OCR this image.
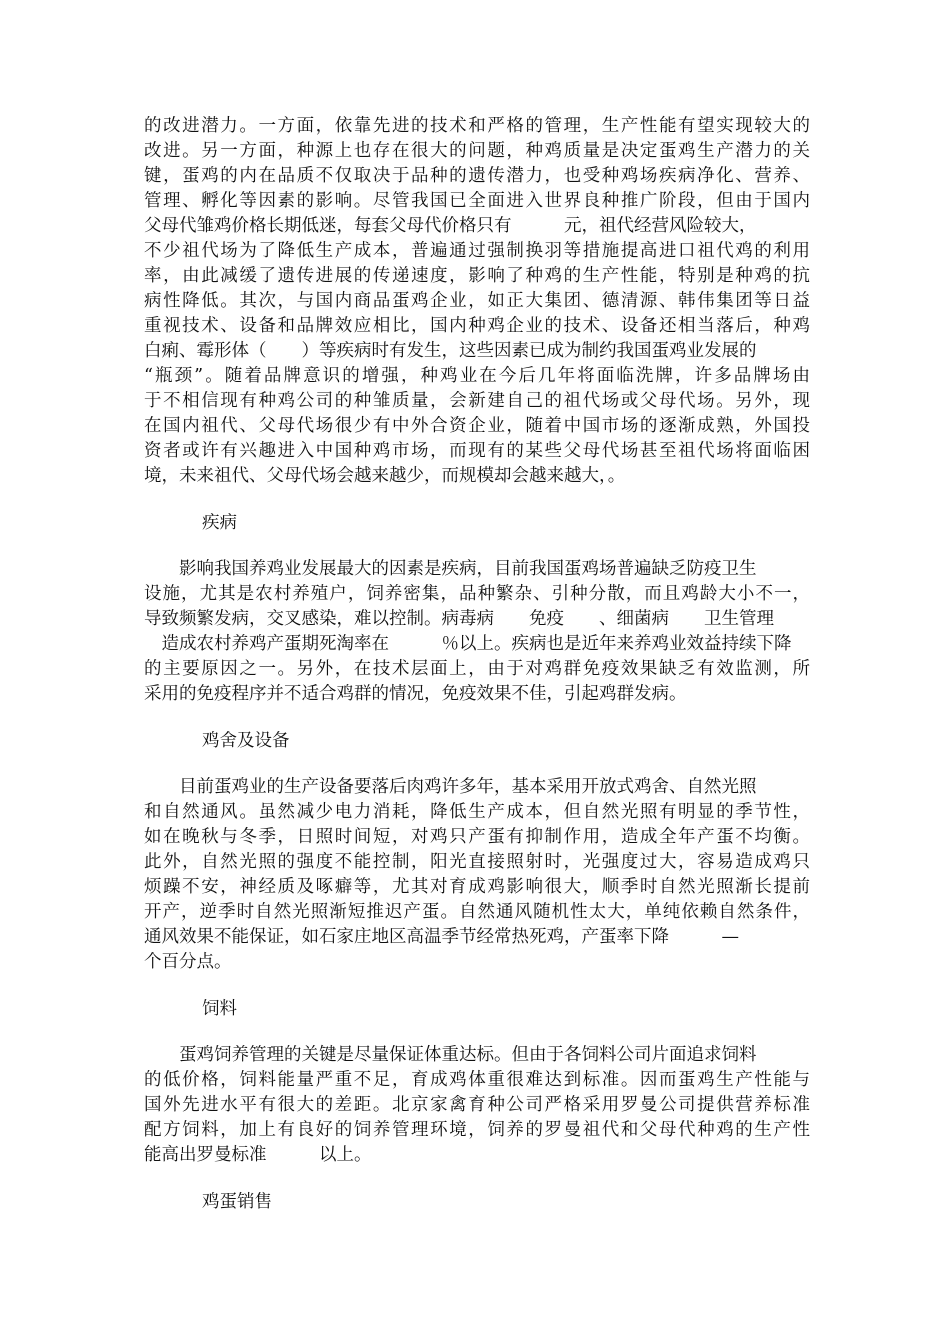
的改进潜力。一方面，依靠先进的技术和严格的管理，生产性能有望实现较大的
改进。另一方面，种源上也存在很大的问题，种鸡质量是决定蛋鸡生产潜力的关
键，蛋鸡的内在品质不仅取决于品种的遗传潜力，也受种鸡场疾病净化、营养、
管理、孵化等因素的影响。尽管我国已全面进入世界良种推广阶段，但由于国内
父母代雏鸡价格长期低迷，每套父母代价格只有　　　元，祖代经营风险较大，
不少祖代场为了降低生产成本，普遍通过强制换羽等措施提高进口祖代鸡的利用
率，由此减缓了遗传进展的传递速度，影响了种鸡的生产性能，特别是种鸡的抗
病性降低。其次，与国内商品蛋鸡企业，如正大集团、德清源、韩伟集团等日益
重视技术、设备和品牌效应相比，国内种鸡企业的技术、设备还相当落后，种鸡
白痢、霉形体（　　）等疾病时有发生，这些因素已成为制约我国蛋鸡业发展的
“瓶颈”。随着品牌意识的增强，种鸡业在今后几年将面临洗牌，许多品牌场由
于不相信现有种鸡公司的种雏质量，会新建自己的祖代场或父母代场。另外，现
在国内祖代、父母代场很少有中外合资企业，随着中国市场的逐渐成熟，外国投
资者或许有兴趣进入中国种鸡市场，而现有的某些父母代场甚至祖代场将面临困
境，未来祖代、父母代场会越来越少，而规模却会越来越大，。
疾病
　　影响我国养鸡业发展最大的因素是疾病，目前我国蛋鸡场普遍缺乏防疫卫生
设施，尤其是农村养殖户，饲养密集，品种繁杂、引种分散，而且鸡龄大小不一，
导致频繁发病，交叉感染，难以控制。病毒病　　免疫　　、细菌病　　卫生管理
　造成农村养鸡产蛋期死淘率在　　　％以上。疾病也是近年来养鸡业效益持续下降
的主要原因之一。另外，在技术层面上，由于对鸡群免疫效果缺乏有效监测，所
采用的免疫程序并不适合鸡群的情况，免疫效果不佳，引起鸡群发病。
鸡舍及设备
　　目前蛋鸡业的生产设备要落后肉鸡许多年，基本采用开放式鸡舍、自然光照
和自然通风。虽然减少电力消耗，降低生产成本，但自然光照有明显的季节性，
如在晚秋与冬季，日照时间短，对鸡只产蛋有抑制作用，造成全年产蛋不均衡。
此外，自然光照的强度不能控制，阳光直接照射时，光强度过大，容易造成鸡只
烦躁不安，神经质及啄癖等，尤其对育成鸡影响很大，顺季时自然光照渐长提前
开产，逆季时自然光照渐短推迟产蛋。自然通风随机性太大，单纯依赖自然条件，
通风效果不能保证，如石家庄地区高温季节经常热死鸡，产蛋率下降　　　—
个百分点。
饲料
　　蛋鸡饲养管理的关键是尽量保证体重达标。但由于各饲料公司片面追求饲料
的低价格，饲料能量严重不足，育成鸡体重很难达到标准。因而蛋鸡生产性能与
国外先进水平有很大的差距。北京家禽育种公司严格采用罗曼公司提供营养标准
配方饲料，加上有良好的饲养管理环境，饲养的罗曼祖代和父母代种鸡的生产性
能高出罗曼标准　　　以上。
鸡蛋销售
